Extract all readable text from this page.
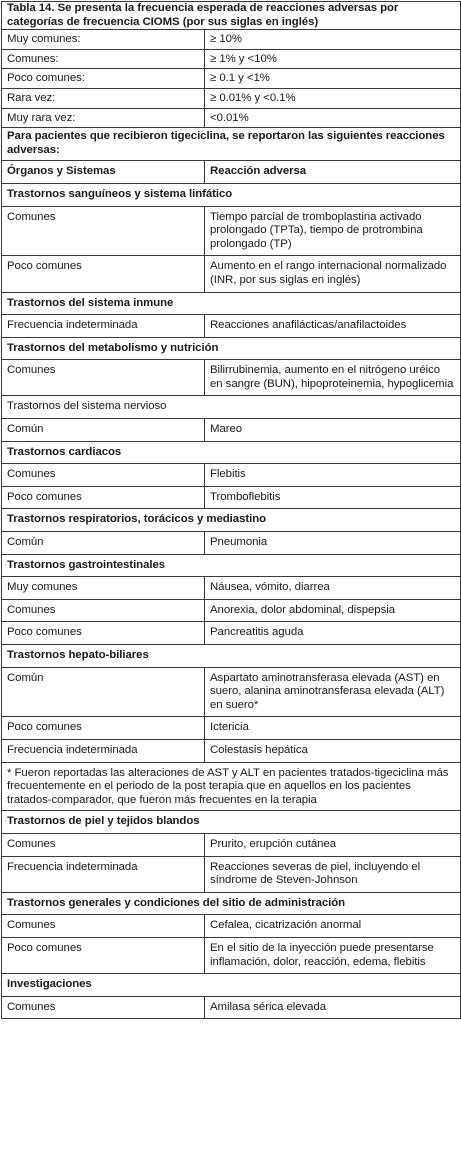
Tabla 14. Se presenta la frecuencia esperada de reacciones adversas por categorías de frecuencia CIOMS (por sus siglas en inglés)	
Muy comunes:	≥ 10%
Comunes:	≥ 1% y <10%
Poco comunes:	≥ 0.1 y <1%
Rara vez:	≥ 0.01% y <0.1%
Muy rara vez:	<0.01%
Para pacientes que recibieron tigeciclina, se reportaron las siguientes reacciones adversas:	
Órganos y Sistemas	Reacción adversa
Trastornos sanguíneos y sistema linfático	
Comunes	Tiempo parcial de tromboplastina activado prolongado (TPTa), tiempo de protrombina prolongado (TP)
Poco comunes	Aumento en el rango internacional normalizado (INR, por sus siglas en inglés)
Trastornos del sistema inmune	
Frecuencia indeterminada	Reacciones anafilácticas/anafilactoides
Trastornos del metabolismo y nutrición	
Comunes	Bilirrubinemia, aumento en el nitrógeno uréico en sangre (BUN), hipoproteinemia, hypoglicemia
Trastornos del sistema nervioso	
Común	Mareo
Trastornos cardiacos	
Comunes	Flebitis
Poco comunes	Tromboflebitis
Trastornos respiratorios, torácicos y mediastino	
Común	Pneumonia
Trastornos gastrointestinales	
Muy comunes	Náusea, vómito, diarrea
Comunes	Anorexia, dolor abdominal, dispepsia
Poco comunes	Pancreatitis aguda
Trastornos hepato-biliares	
Común	Aspartato aminotransferasa elevada (AST) en suero, alanina aminotransferasa elevada (ALT) en suero*
Poco comunes	Ictericia
Frecuencia indeterminada	Colestasis hepática
* Fueron reportadas las alteraciones de AST y ALT en pacientes tratados-tigeciclina más frecuentemente en el periodo de la post terapia que en aquellos en los pacientes tratados-comparador, que fueron más frecuentes en la terapia	
Trastornos de piel y tejidos blandos	
Comunes	Prurito, erupción cutánea
Frecuencia indeterminada	Reacciones severas de piel, incluyendo el síndrome de Steven-Johnson
Trastornos generales y condiciones del sitio de administración	
Comunes	Cefalea, cicatrización anormal
Poco comunes	En el sitio de la inyección puede presentarse inflamación, dolor, reacción, edema, flebitis
Investigaciones	
Comunes	Amilasa sérica elevada
